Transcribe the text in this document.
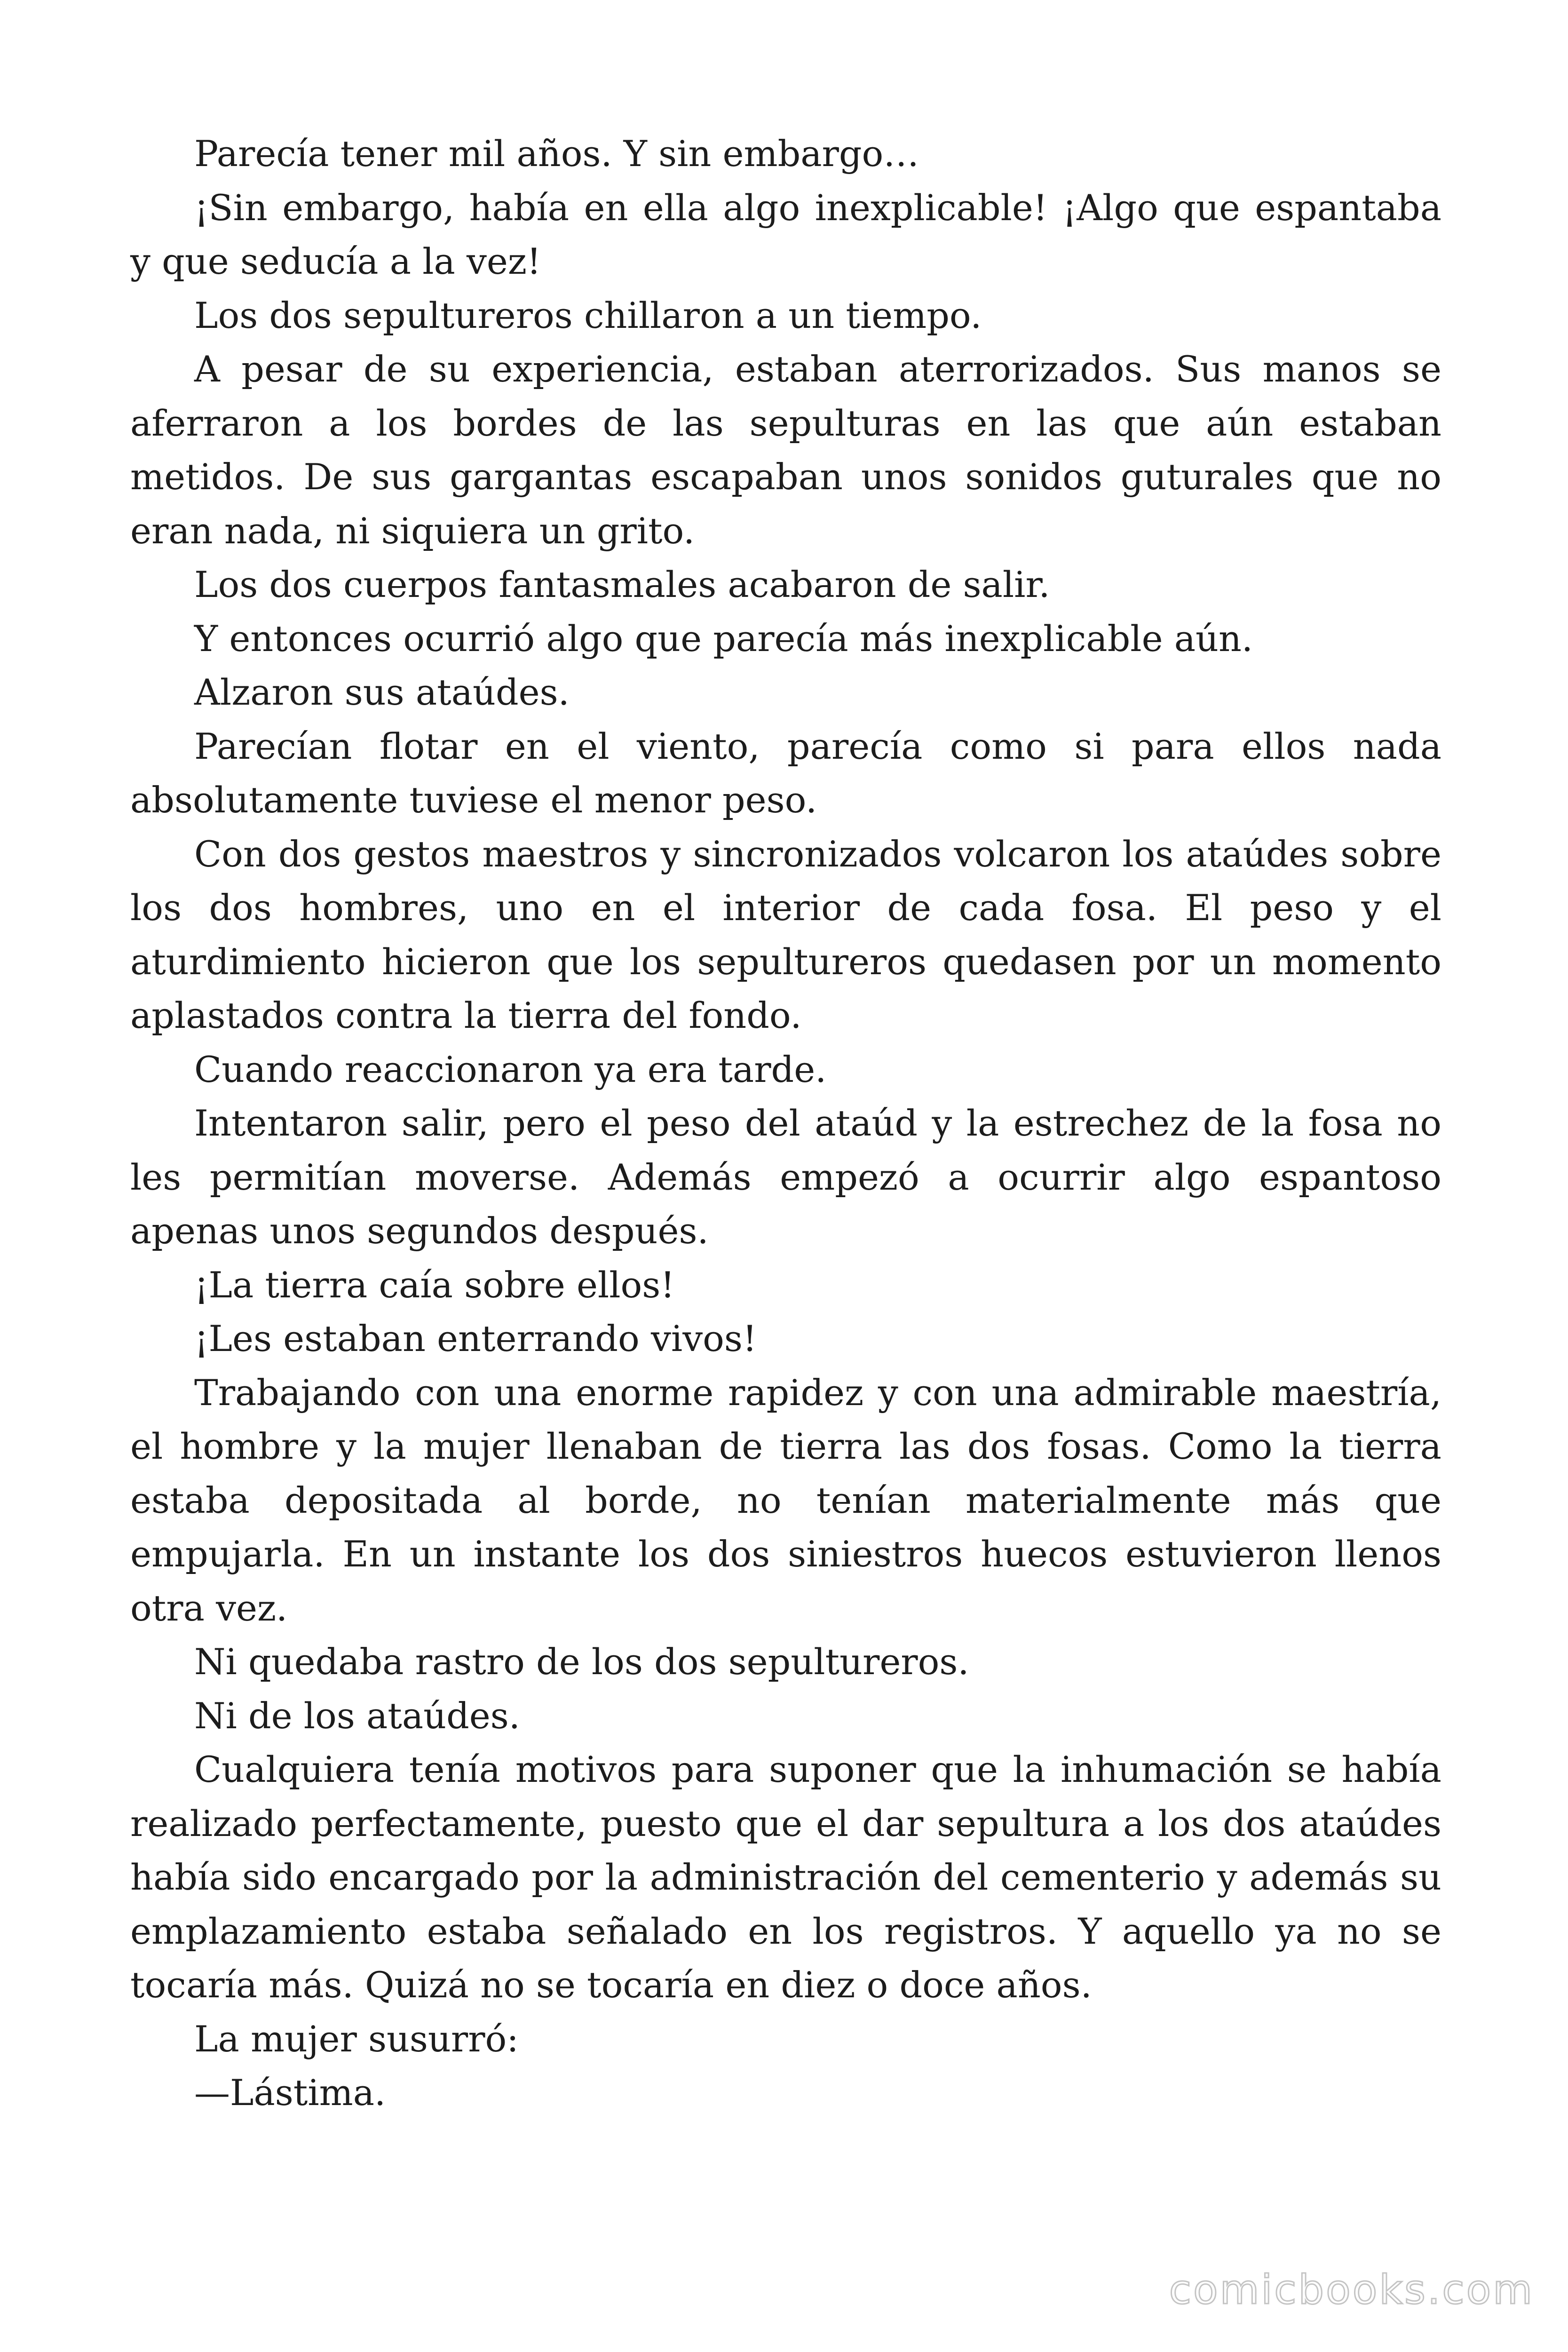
Parecía tener mil años. Y sin embargo…

¡Sin embargo, había en ella algo inexplicable! ¡Algo que espantaba y que seducía a la vez!

Los dos sepultureros chillaron a un tiempo.

A pesar de su experiencia, estaban aterrorizados. Sus manos se aferraron a los bordes de las sepulturas en las que aún estaban metidos. De sus gargantas escapaban unos sonidos guturales que no eran nada, ni siquiera un grito.

Los dos cuerpos fantasmales acabaron de salir.

Y entonces ocurrió algo que parecía más inexplicable aún.

Alzaron sus ataúdes.

Parecían flotar en el viento, parecía como si para ellos nada absolutamente tuviese el menor peso.

Con dos gestos maestros y sincronizados volcaron los ataúdes sobre los dos hombres, uno en el interior de cada fosa. El peso y el aturdimiento hicieron que los sepultureros quedasen por un momento aplastados contra la tierra del fondo.

Cuando reaccionaron ya era tarde.

Intentaron salir, pero el peso del ataúd y la estrechez de la fosa no les permitían moverse. Además empezó a ocurrir algo espantoso apenas unos segundos después.

¡La tierra caía sobre ellos!

¡Les estaban enterrando vivos!

Trabajando con una enorme rapidez y con una admirable maestría, el hombre y la mujer llenaban de tierra las dos fosas. Como la tierra estaba depositada al borde, no tenían materialmente más que empujarla. En un instante los dos siniestros huecos estuvieron llenos otra vez.

Ni quedaba rastro de los dos sepultureros.

Ni de los ataúdes.

Cualquiera tenía motivos para suponer que la inhumación se había realizado perfectamente, puesto que el dar sepultura a los dos ataúdes había sido encargado por la administración del cementerio y además su emplazamiento estaba señalado en los registros. Y aquello ya no se tocaría más. Quizá no se tocaría en diez o doce años.

La mujer susurró:

—Lástima.

comicbooks.com
